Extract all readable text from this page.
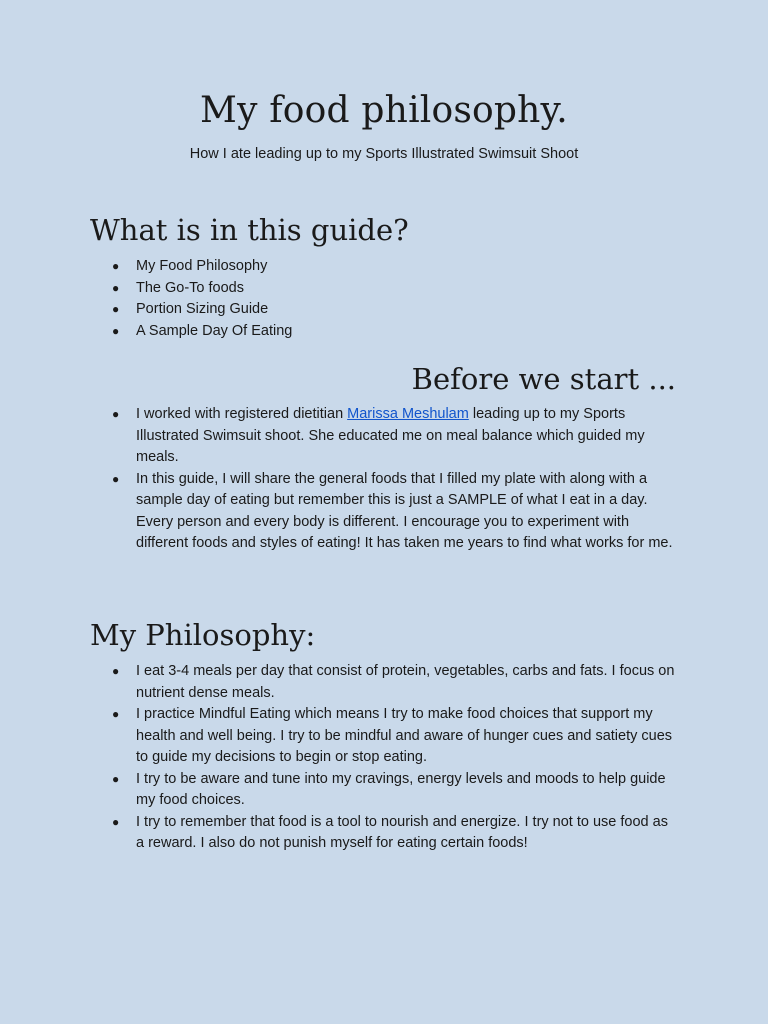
My food philosophy.

How I ate leading up to my Sports Illustrated Swimsuit Shoot

What is in this guide?
● My Food Philosophy
● The Go-To foods
● Portion Sizing Guide
● A Sample Day Of Eating
Before we start ...
● I worked with registered dietitian Marissa Meshulam leading up to my Sports Illustrated Swimsuit shoot. She educated me on meal balance which guided my meals.
● In this guide, I will share the general foods that I filled my plate with along with a sample day of eating but remember this is just a SAMPLE of what I eat in a day. Every person and every body is different. I encourage you to experiment with different foods and styles of eating! It has taken me years to find what works for me.
My Philosophy:
● I eat 3-4 meals per day that consist of protein, vegetables, carbs and fats. I focus on nutrient dense meals.
● I practice Mindful Eating which means I try to make food choices that support my health and well being. I try to be mindful and aware of hunger cues and satiety cues to guide my decisions to begin or stop eating.
● I try to be aware and tune into my cravings, energy levels and moods to help guide my food choices.
● I try to remember that food is a tool to nourish and energize. I try not to use food as a reward. I also do not punish myself for eating certain foods!
